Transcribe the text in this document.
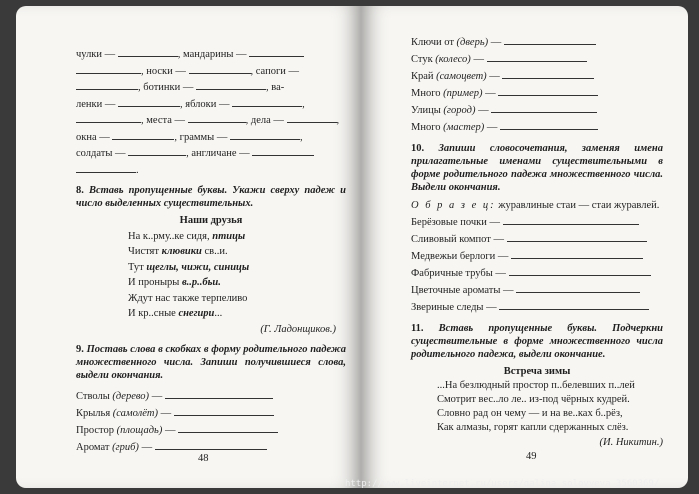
чулки —	, мандарины —
, носки —	, сапоги —
, ботинки —	, ва-
ленки —	, яблоки —	,
, места —	, дела —	,
окна —	, граммы —	,
солдаты —	, англичане —
.
8. Вставь пропущенные буквы. Укажи сверху падеж и число выделенных существительных.
Наши друзья
На к..рму..ке сидя, птицы
Чистят клювики св..и.
Тут щеглы, чижи, синицы
И проныры в..р..бьи.
Ждут нас также терпеливо
И кр..сные снегири...
(Г. Ладонщиков.)
9. Поставь слова в скобках в форму родительного падежа множественного числа. Запиши получившиеся слова, выдели окончания.
Стволы (дерево) —
Крылья (самолёт) —
Простор (площадь) —
Аромат (гриб) —
48
Ключи от (дверь) —
Стук (колесо) —
Край (самоцвет) —
Много (пример) —
Улицы (город) —
Много (мастер) —
10. Запиши словосочетания, заменяя имена прилагательные именами существительными в форме родительного падежа множественного числа. Выдели окончания.
О б р а з е ц: журавлиные стаи — стаи журавлей.
Берёзовые почки —
Сливовый компот —
Медвежьи берлоги —
Фабричные трубы —
Цветочные ароматы —
Звериные следы —
11. Вставь пропущенные буквы. Подчеркни существительные в форме множественного числа родительного падежа, выдели окончание.
Встреча зимы
...На безлюдный простор п..белевших п..лей
Смотрит вес..ло ле.. из-под чёрных кудрей.
Словно рад он чему — и на ве..ках б..рёз,
Как алмазы, горят капли сдержанных слёз.
(И. Никитин.)
49
http://www.liveinternet.ru/users/galina_solovyeva_3560369/
